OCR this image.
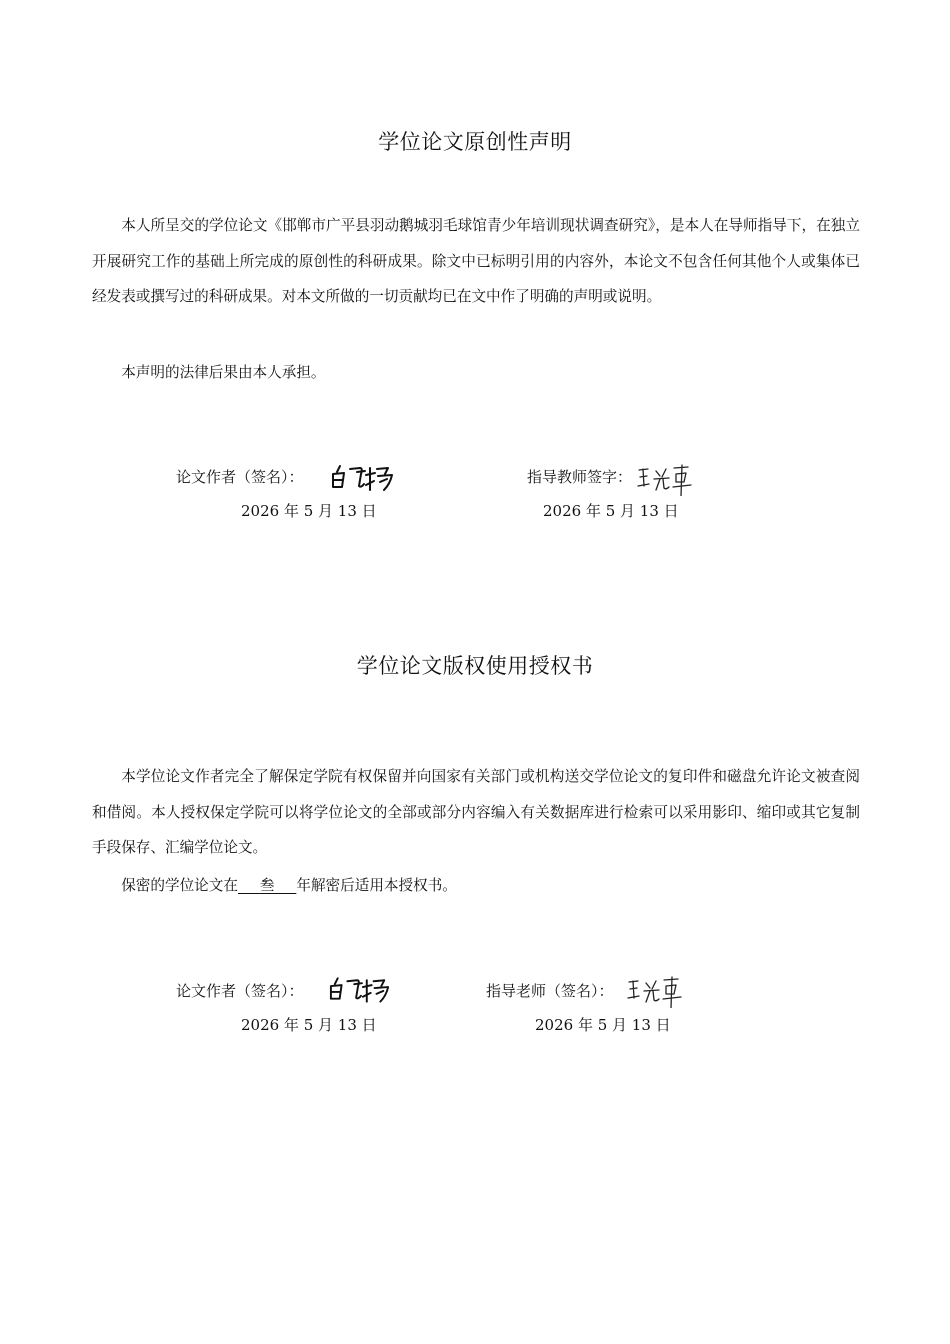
学位论文原创性声明

本人所呈交的学位论文《邯郸市广平县羽动鹅城羽毛球馆青少年培训现状调查研究》，是本人在导师指导下，在独立开展研究工作的基础上所完成的原创性的科研成果。除文中已标明引用的内容外，本论文不包含任何其他个人或集体已经发表或撰写过的科研成果。对本文所做的一切贡献均已在文中作了明确的声明或说明。

本声明的法律后果由本人承担。

论文作者（签名）：
2026 年 5 月 13 日
指导教师签字：
2026 年 5 月 13 日
学位论文版权使用授权书

本学位论文作者完全了解保定学院有权保留并向国家有关部门或机构送交学位论文的复印件和磁盘允许论文被查阅和借阅。本人授权保定学院可以将学位论文的全部或部分内容编入有关数据库进行检索可以采用影印、缩印或其它复制手段保存、汇编学位论文。

保密的学位论文在   叁   年解密后适用本授权书。

论文作者（签名）：
2026 年 5 月 13 日
指导老师（签名）：
2026 年 5 月 13 日
